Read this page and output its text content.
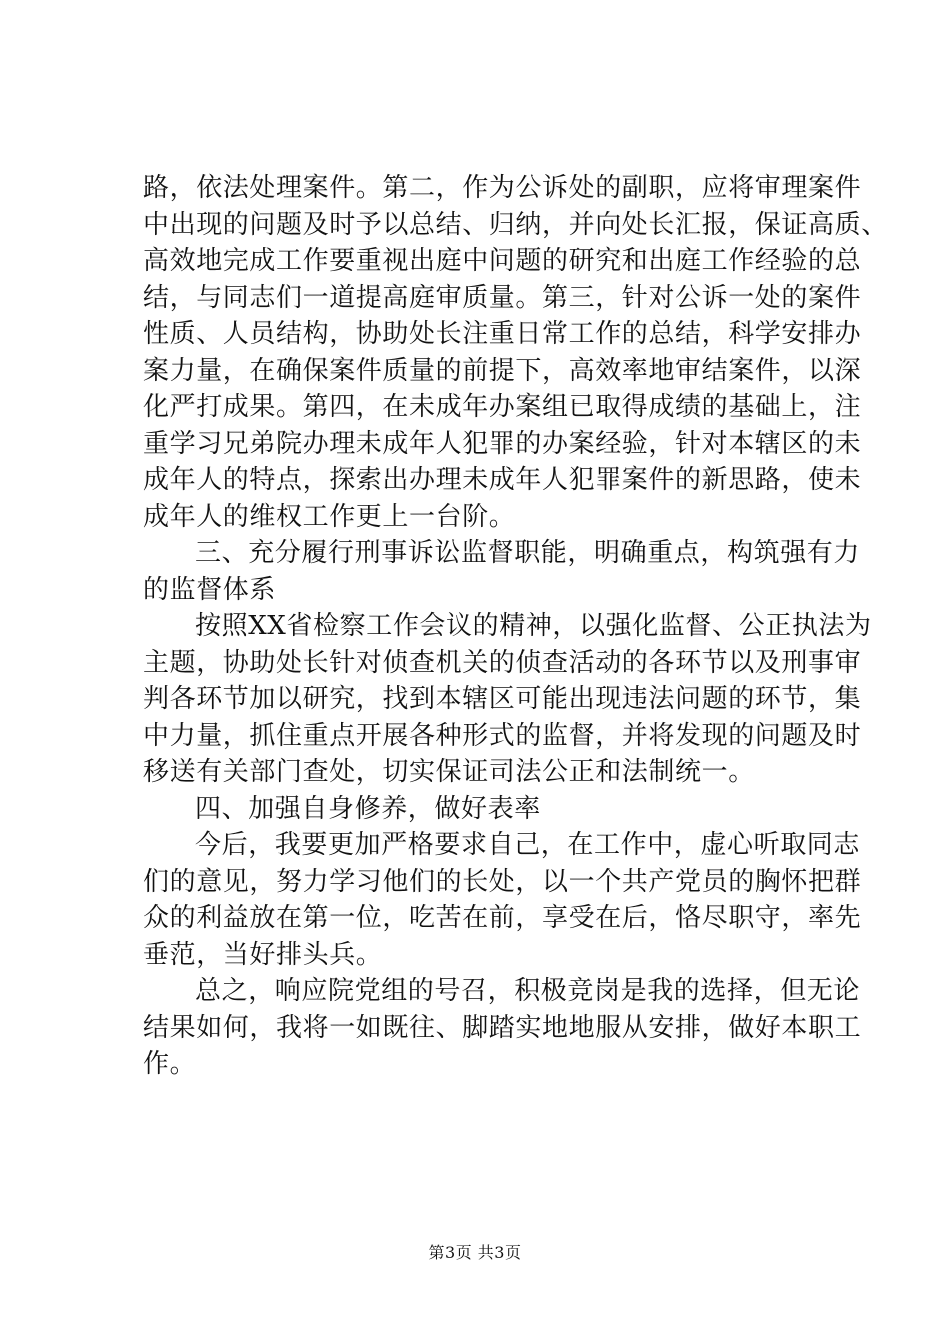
路，依法处理案件。第二，作为公诉处的副职，应将审理案件
中出现的问题及时予以总结、归纳，并向处长汇报，保证高质、
高效地完成工作要重视出庭中问题的研究和出庭工作经验的总
结，与同志们一道提高庭审质量。第三，针对公诉一处的案件
性质、人员结构，协助处长注重日常工作的总结，科学安排办
案力量，在确保案件质量的前提下，高效率地审结案件，以深
化严打成果。第四，在未成年办案组已取得成绩的基础上，注
重学习兄弟院办理未成年人犯罪的办案经验，针对本辖区的未
成年人的特点，探索出办理未成年人犯罪案件的新思路，使未
成年人的维权工作更上一台阶。
三、充分履行刑事诉讼监督职能，明确重点，构筑强有力
的监督体系
按照XX省检察工作会议的精神，以强化监督、公正执法为
主题，协助处长针对侦查机关的侦查活动的各环节以及刑事审
判各环节加以研究，找到本辖区可能出现违法问题的环节，集
中力量，抓住重点开展各种形式的监督，并将发现的问题及时
移送有关部门查处，切实保证司法公正和法制统一。
四、加强自身修养，做好表率
今后，我要更加严格要求自己，在工作中，虚心听取同志
们的意见，努力学习他们的长处，以一个共产党员的胸怀把群
众的利益放在第一位，吃苦在前，享受在后，恪尽职守，率先
垂范，当好排头兵。
总之，响应院党组的号召，积极竞岗是我的选择，但无论
结果如何，我将一如既往、脚踏实地地服从安排，做好本职工
作。
第3页 共3页
